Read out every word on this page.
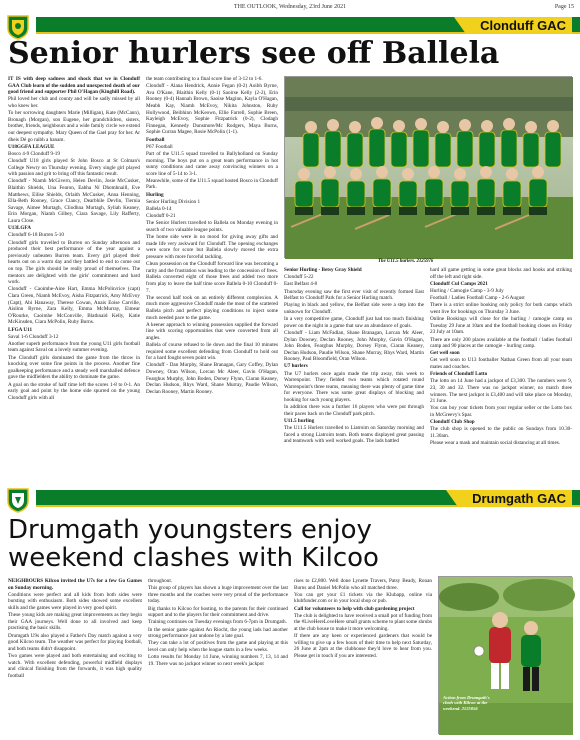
THE OUTLOOK, Wednesday, 23rd June 2021	Page 15
Clonduff GAC
Senior hurlers see off Ballela

IT IS with deep sadness and shock that we in Clonduff GAA Club learn of the sudden and unexpected death of our good friend and supporter Phil O'Hagan (Kinghill Road).

Phil loved her club and county and will be sadly missed by all who knew her.

To her sorrowing daughters Marie (Milligan), Kate (McCann), Bronagh (Morgan), son Eugene, her grandchildren, sisters, brother, friends, neighbours and a wide family circle we extend our deepest sympathy. Mary Queen of the Gael pray for her. Ar dheis Dé go raibh a hanam.

U18GGFA LEAGUE

Bosco 4-9 Clonduff 9-19

Clonduff U18 girls played St John Bosco at St Colman's College Newry on Thursday evening. Every single girl played with passion and grit to bring off this fantastic result.

Clonduff - Niamh McGivern, Helen Devlin, Josie McCusker, Blaithin Shields, Una Fearon, Eabha Ní Dhomhnaill, Eve Matthews, Eilise Shields, Orlaith McCusker, Anna Henning, Ella-Beth Rooney, Grace Clancy, Dearbhile Devlin, Tiernia Savage, Aimee Murtagh, Cliodhna Murtagh, Syliah Keaney, Erin Morgan, Niamh Gilbey, Ciara Savage, Lily Rafferty, Laura Close.

U13LGFA

Clonduff 6-18 Burren 5-10

Clonduff girls travelled to Burren on Sunday afternoon and produced their best performance of the year against a previously unbeaten Burren team. Every girl played their hearts out on a warm day and they battled to end to come out on top. The girls should be really proud of themselves. The mentors are delighted with the girls' commitment and hard work.

Clonduff - Caoimhe-Aine Hart, Emma McPolin/rice (capt) Clara Green, Niamh McEvoy, Aisha Fitzpatrick, Amy McEvoy (Capt), Abi Hanaway, Therese Cowan, Anais Eoise Carville, Aislinn Byrne, Zara Kelly, Emma McMurray, Eimear O'Rourke, Caoimhe McConville, Blathnaid Kelly, Katie McKinsden, Ciara McPolin, Ruby Burns.

LFGA U11

Saval 1-6 Clonduff 3-12

Another superb performance from the young U11 girls football team against Saval on a lovely summer evening.

The Clonduff girls dominated the game from the throw in knocking over some fine points in the process. Another fine goalkeeping performance and a steady well marshalled defence gave the midfielders the ability to dominate the game.

A goal on the stroke of half time left the scores 1-8 to 0-1. An early goal and point by the home side spurred on the young Clonduff girls with all

the team contributing to a final score line of 3-12 to 1-6.

Clonduff - Alana Hendrick, Annie Fegan (0-2) Aoibh Byrne, Ava O'Kane, Blaithin Kelly (0-1) Saoirse Kelly (2-2), Erin Rooney (0-4) Hannah Brown, Saoise Maginn, Kayla O'Hagan, Meabh Kay, Niamh McEvoy, Nikita Johnston, Ruby Hollywood, Beibhinn McKeown, Ellie Farrell, Sophie Breen, Kayleigh McEvoy, Sophie Fitzpatrick (0-2), Clodagh Finnegan, Kennedy Dunsmore/Mc Rodgers, Maya Burns, Sophie Curran Magee, Rosie McPolin (1-1).

Football

P67 Football

Part of the U11.5 squad travelled to Ballyholland on Sunday morning. The boys put on a great team performance in hot sunny conditions and came away convincing winners on a score line of 5-14 to 3-1.

Meanwhile, some of the U11.5 squad hosted Bosco in Clonduff Park.

Hurling

Senior Hurling Division 1

Ballela 0-14

Clonduff 0-21

The Senior Hurlers travelled to Ballela on Monday evening in search of two valuable league points.

The home side were in no mood for giving away gifts and made life very awkward for Clonduff. The opening exchanges were score for score but Ballela slowly moved the extra pressure with more forceful tackling.

Clean possession on the Clonduff forward line was becoming a rarity and the frustration was leading to the concession of frees. Ballela converted eight of those frees and added two more from play to leave the half time score Ballela 0-10 Clonduff 0-7.

The second half took on an entirely different complexion. A much more aggressive Clonduff made the most of the scattered Ballela pitch and perfect playing conditions to inject some much needed pace to the game.

A keener approach to winning possession supplied the forward line with scoring opportunities that were converted from all angles.

Ballela of course refused to lie down and the final 10 minutes required some excellent defending from Clonduff to hold out for a hard fought seven point win.

Clonduff - Dan Murphy, Shane Branagan, Gary Coffey, Dylan Downey, Oran Wilson, Lorcan Mc Aleer, Gavin O'Hagan, Fearghus Murphy, John Boden, Dorsey Flynn, Ciaran Keaney, Declan Hudson, Rhys Ward, Shane Murray, Paudie Wilson, Declan Rooney, Martin Rooney.

The U11.5 hurlers. 2125976

Senior Hurling - Betsy Gray Shield

Clonduff 5-22

East Belfast 4-8

Thursday evening saw the first ever visit of recently formed East Belfast to Clonduff Park for a Senior Hurling match.

Playing in black and yellow, the Belfast side were a step into the unknown for Clonduff.

In a very competitive game, Clonduff just had too much finishing power on the night in a game that saw an abundance of goals.

Clonduff - Liam McFadlan, Shane Branagan, Lorcan Mc Aleer, Dylan Downey, Declan Rooney, John Murphy, Gavin O'Hagan, John Boden, Fearghus Murphy, Dorsey Flynn, Ciaran Keaney, Declan Hudson, Paudie Wilson, Shane Murray, Rhys Ward, Martin Rooney, Paul Bloomfield, Oran Wilson.

U7 hurlers

The U7 hurlers once again made the trip away, this week to Warrenpoint. They fielded two teams which rotated round Warrenpoint's three teams, meaning there was plenty of game time for everyone. There was some great displays of blocking and hooking for such young players.

In addition there was a further 16 players who were put through their paces back on the Clonduff park pitch.

U11.5 hurling

The U11.5 Hurlers travelled to Liatroim on Saturday morning and faced a strong Liatroim team. Both teams displayed great passing and teamwork with well worked goals. The lads battled

hard all game getting in some great blocks and hooks and striking off the left and right side.

Clonduff Cul Camps 2021

Hurling / Camogie Camp - 3-9 July

Football / Ladies Football Camp - 2-6 August

There is a strict online booking only policy for both camps which went live for bookings on Thursday 3 June.

Online Bookings will close for the hurling / camogie camp on Tuesday 29 June at 10am and the football booking closes on Friday 23 July at 10am.

There are only 200 places available at the football / ladies football camp and 90 places at the camogie - hurling camp.

Get well soon

Get well soon to U13 footballer Nathan Green from all your team mates and coaches.

Friends of Clonduff Lotto

The lotto on 14 June had a jackpot of £3,300. The numbers were 9, 23, 30 and 32. There was no jackpot winner, no match three winners. The next jackpot is £3,400 and will take place on Monday, 21 June.

You can buy your tickets from your regular seller or the Lotto box in McGreevy's Spar.

Clonduff Club Shop

The club shop is opened to the public on Sundays from 10.30-11.30am.

Please wear a mask and maintain social distancing at all times.

Drumgath GAC
Drumgath youngsters enjoy
weekend clashes with Kilcoo

NEIGHBOURS Kilcoo invited the U7s for a few Go Games on Sunday morning.

Conditions were perfect and all kids from both sides were bursting with enthusiasm. Both sides showed some excellent skills and the games were played in very good spirit.

These young kids are making great improvements as they begin their GAA journeys. Well done to all involved and keep practising the basic skills.

Drumgath U9s also played a Father's Day match against a very good Kilcoo team. The weather was perfect for playing football, and both teams didn't disappoint.

Two games were played and both entertaining and exciting to watch. With excellent defending, powerful midfield displays and clinical finishing from the forwards, it was high quality football

throughout.

This group of players has shown a huge improvement over the last three months and the coaches were very proud of the performance today.

Big thanks to Kilcoo for hosting, to the parents for their continued support and to the players for their commitment and drive.

Training continues on Tuesday evenings from 6-7pm in Drumgath.

In the senior game against An Riocht, the young lads had another strong performance just undone by a late goal.

They can take a lot of positives from the game and playing at this level can only help when the league starts in a few weeks.

Lotto results for Monday 14 June, winning numbers 7, 13, 14 and 19. There was no jackpot winner so next week's jackpot

rises to £2,800. Well done Lynette Travers, Patsy Beady, Ronan Burns and Daniel McPolin who all matched three.

You can get your £1 tickets via the Klubapp, online via klubfunder.com or in your local shop or pub.

Call for volunteers to help with club gardening project

The club is delighted to have received a small pot of funding from the #LiveHereLoveHere small grants scheme to plant some shrubs at the club house to make it more welcoming.

If there are any keen or experienced gardeners that would be willing to give up a few hours of their time to help next Saturday, 26 June at 2pm at the clubhouse they'd love to hear from you. Please get in touch if you are interested.

Action from Drumgath's clash with Kilcoo at the weekend. 2125056
